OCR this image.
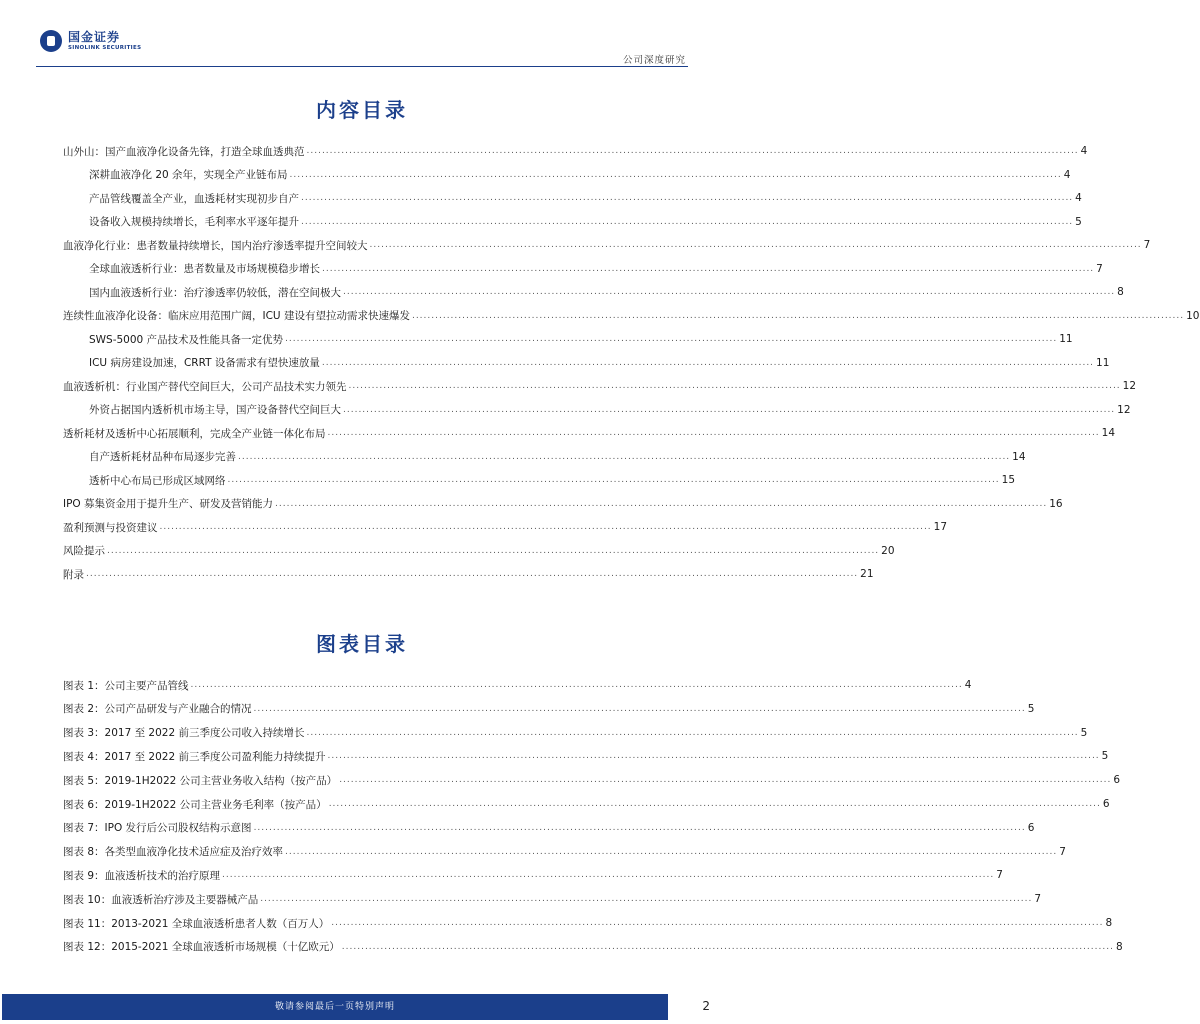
国金证券
SINOLINK SECURITIES
公司深度研究
内容目录
山外山：国产血液净化设备先锋，打造全球血透典范 ........................................................................................................................................................................................................ 4
深耕血液净化 20 余年，实现全产业链布局 ........................................................................................................................................................................................................ 4
产品管线覆盖全产业，血透耗材实现初步自产 ........................................................................................................................................................................................................ 4
设备收入规模持续增长，毛利率水平逐年提升 ........................................................................................................................................................................................................ 5
血液净化行业：患者数量持续增长，国内治疗渗透率提升空间较大 ........................................................................................................................................................................................................ 7
全球血液透析行业：患者数量及市场规模稳步增长 ........................................................................................................................................................................................................ 7
国内血液透析行业：治疗渗透率仍较低，潜在空间极大 ........................................................................................................................................................................................................ 8
连续性血液净化设备：临床应用范围广阔，ICU 建设有望拉动需求快速爆发 ........................................................................................................................................................................................................ 10
SWS-5000 产品技术及性能具备一定优势 ........................................................................................................................................................................................................ 11
ICU 病房建设加速，CRRT 设备需求有望快速放量 ........................................................................................................................................................................................................ 11
血液透析机：行业国产替代空间巨大，公司产品技术实力领先 ........................................................................................................................................................................................................ 12
外资占据国内透析机市场主导，国产设备替代空间巨大 ........................................................................................................................................................................................................ 12
透析耗材及透析中心拓展顺利，完成全产业链一体化布局 ........................................................................................................................................................................................................ 14
自产透析耗材品种布局逐步完善 ........................................................................................................................................................................................................ 14
透析中心布局已形成区域网络 ........................................................................................................................................................................................................ 15
IPO 募集资金用于提升生产、研发及营销能力 ........................................................................................................................................................................................................ 16
盈利预测与投资建议 ........................................................................................................................................................................................................ 17
风险提示 ........................................................................................................................................................................................................ 20
附录 ........................................................................................................................................................................................................ 21
图表目录
图表 1： 公司主要产品管线 ........................................................................................................................................................................................................ 4
图表 2： 公司产品研发与产业融合的情况 ........................................................................................................................................................................................................ 5
图表 3： 2017 至 2022 前三季度公司收入持续增长 ........................................................................................................................................................................................................ 5
图表 4： 2017 至 2022 前三季度公司盈利能力持续提升 ........................................................................................................................................................................................................ 5
图表 5： 2019-1H2022 公司主营业务收入结构（按产品） ........................................................................................................................................................................................................ 6
图表 6： 2019-1H2022 公司主营业务毛利率（按产品） ........................................................................................................................................................................................................ 6
图表 7： IPO 发行后公司股权结构示意图 ........................................................................................................................................................................................................ 6
图表 8： 各类型血液净化技术适应症及治疗效率 ........................................................................................................................................................................................................ 7
图表 9： 血液透析技术的治疗原理 ........................................................................................................................................................................................................ 7
图表 10： 血液透析治疗涉及主要器械产品 ........................................................................................................................................................................................................ 7
图表 11： 2013-2021 全球血液透析患者人数（百万人） ........................................................................................................................................................................................................ 8
图表 12： 2015-2021 全球血液透析市场规模（十亿欧元） ........................................................................................................................................................................................................ 8
敬请参阅最后一页特别声明	2
